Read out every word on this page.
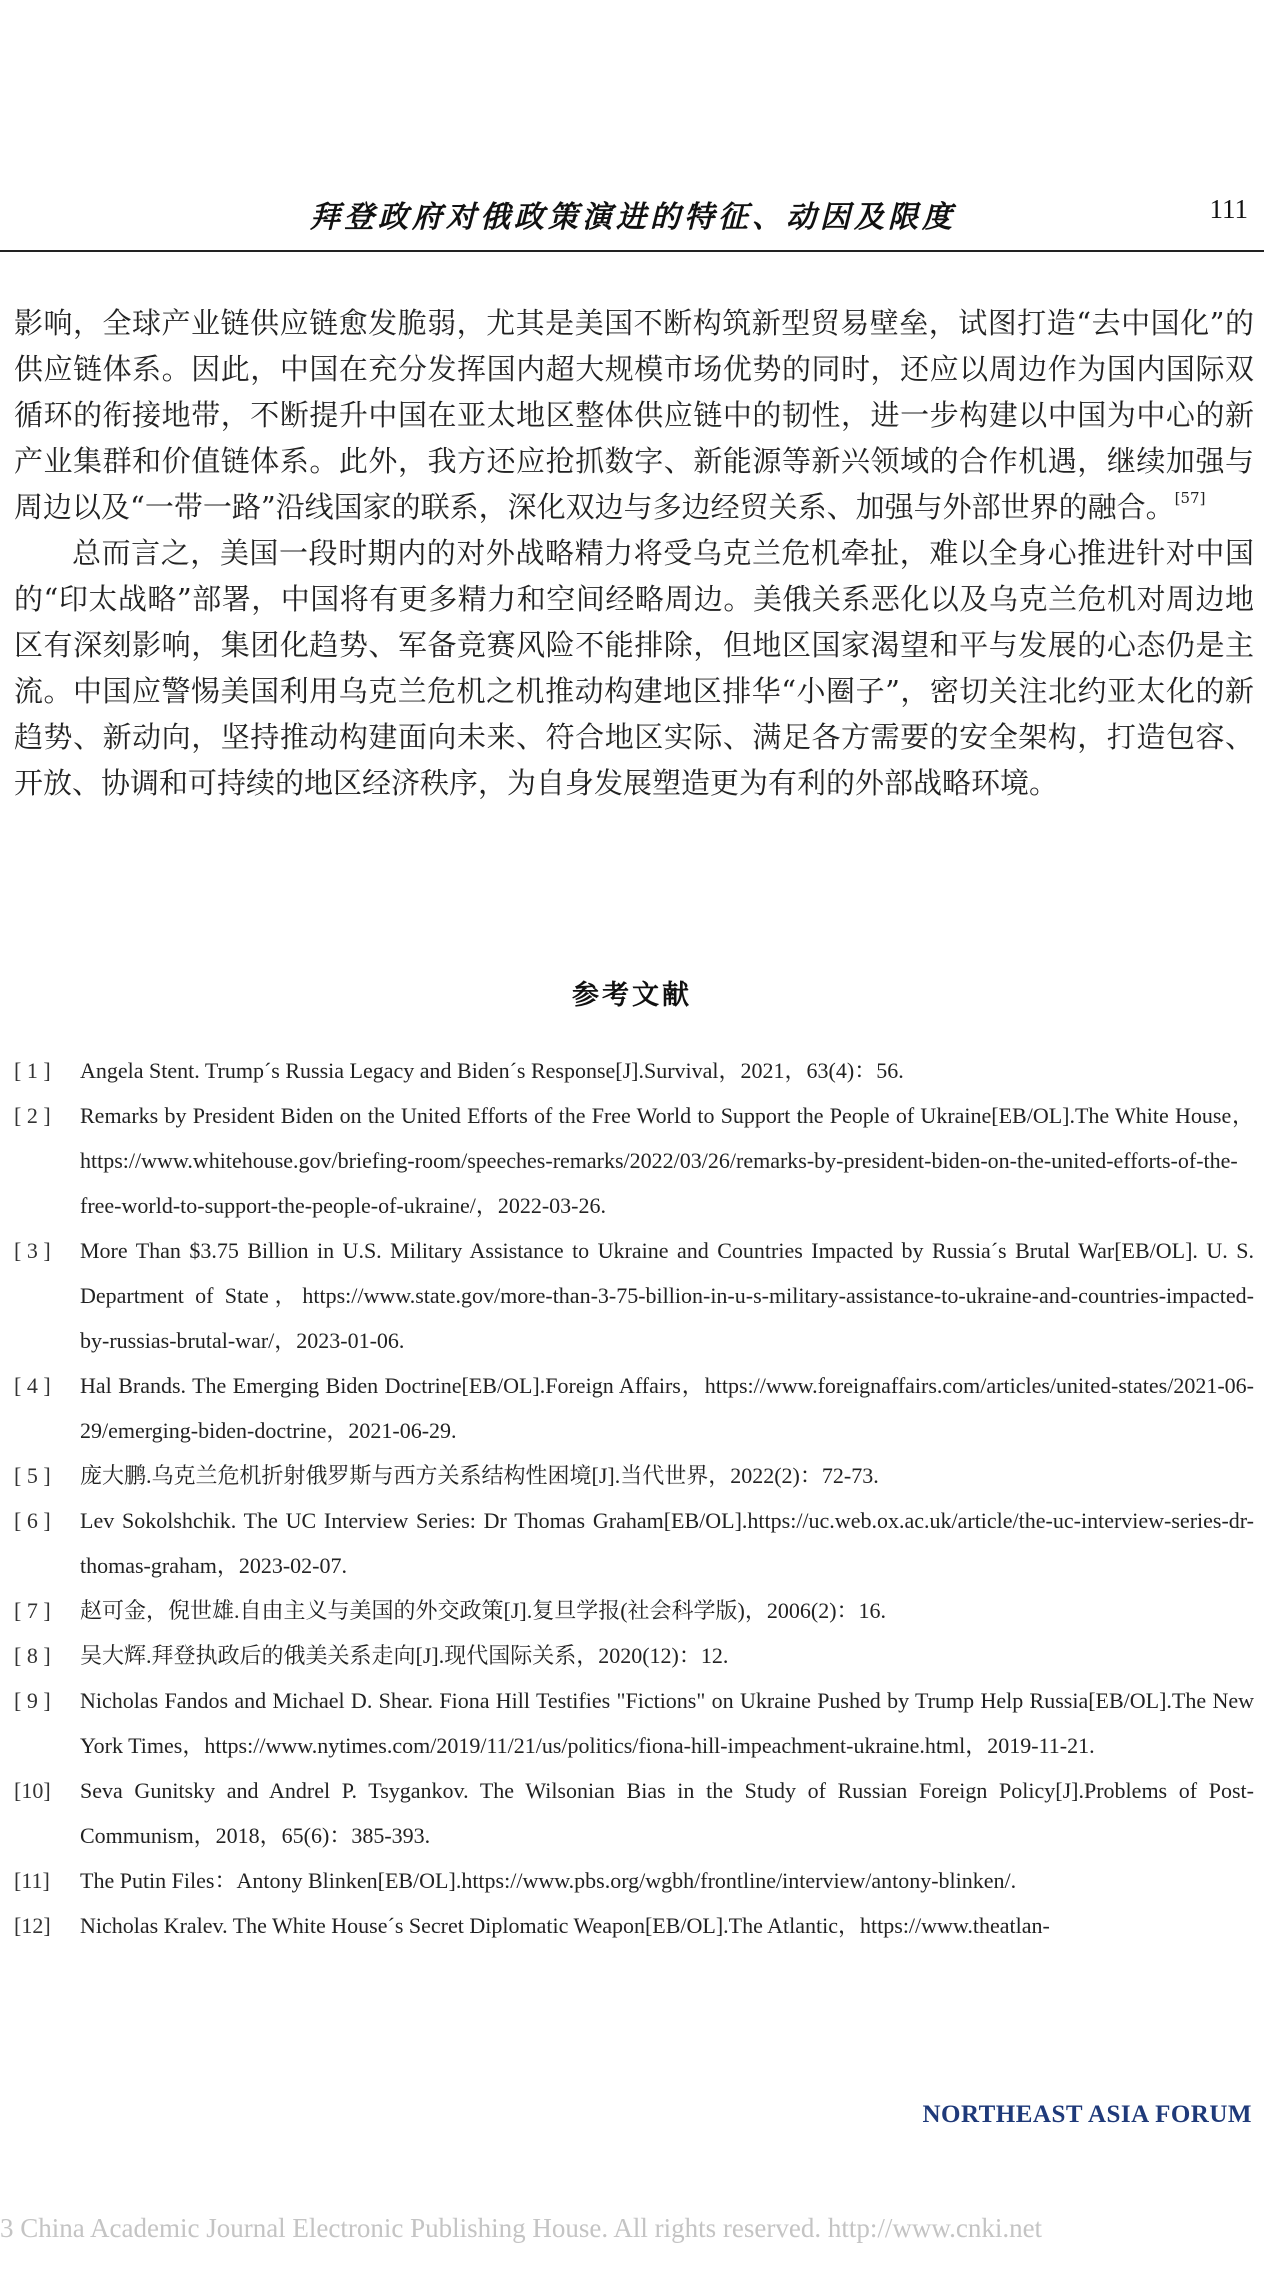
拜登政府对俄政策演进的特征、动因及限度	111

影响，全球产业链供应链愈发脆弱，尤其是美国不断构筑新型贸易壁垒，试图打造“去中国化”的供应链体系。因此，中国在充分发挥国内超大规模市场优势的同时，还应以周边作为国内国际双循环的衔接地带，不断提升中国在亚太地区整体供应链中的韧性，进一步构建以中国为中心的新产业集群和价值链体系。此外，我方还应抢抓数字、新能源等新兴领域的合作机遇，继续加强与周边以及“一带一路”沿线国家的联系，深化双边与多边经贸关系、加强与外部世界的融合。[57]

总而言之，美国一段时期内的对外战略精力将受乌克兰危机牵扯，难以全身心推进针对中国的“印太战略”部署，中国将有更多精力和空间经略周边。美俄关系恶化以及乌克兰危机对周边地区有深刻影响，集团化趋势、军备竞赛风险不能排除，但地区国家渴望和平与发展的心态仍是主流。中国应警惕美国利用乌克兰危机之机推动构建地区排华“小圈子”，密切关注北约亚太化的新趋势、新动向，坚持推动构建面向未来、符合地区实际、满足各方需要的安全架构，打造包容、开放、协调和可持续的地区经济秩序，为自身发展塑造更为有利的外部战略环境。

参考文献
[ 1 ]	Angela Stent. Trump´s Russia Legacy and Biden´s Response[J].Survival，2021，63(4)：56.
[ 2 ]	Remarks by President Biden on the United Efforts of the Free World to Support the People of Ukraine[EB/OL].The White House，https://www.whitehouse.gov/briefing-room/speeches-remarks/2022/03/26/remarks-by-president-biden-on-the-united-efforts-of-the-free-world-to-support-the-people-of-ukraine/，2022-03-26.
[ 3 ]	More Than $3.75 Billion in U.S. Military Assistance to Ukraine and Countries Impacted by Russia´s Brutal War[EB/OL]. U. S. Department of State，https://www.state.gov/more-than-3-75-billion-in-u-s-military-assistance-to-ukraine-and-countries-impacted-by-russias-brutal-war/，2023-01-06.
[ 4 ]	Hal Brands. The Emerging Biden Doctrine[EB/OL].Foreign Affairs，https://www.foreignaffairs.com/articles/united-states/2021-06-29/emerging-biden-doctrine，2021-06-29.
[ 5 ]	庞大鹏.乌克兰危机折射俄罗斯与西方关系结构性困境[J].当代世界，2022(2)：72-73.
[ 6 ]	Lev Sokolshchik. The UC Interview Series: Dr Thomas Graham[EB/OL].https://uc.web.ox.ac.uk/article/the-uc-interview-series-dr-thomas-graham，2023-02-07.
[ 7 ]	赵可金，倪世雄.自由主义与美国的外交政策[J].复旦学报(社会科学版)，2006(2)：16.
[ 8 ]	吴大辉.拜登执政后的俄美关系走向[J].现代国际关系，2020(12)：12.
[ 9 ]	Nicholas Fandos and Michael D. Shear. Fiona Hill Testifies "Fictions" on Ukraine Pushed by Trump Help Russia[EB/OL].The New York Times，https://www.nytimes.com/2019/11/21/us/politics/fiona-hill-impeachment-ukraine.html，2019-11-21.
[10]	Seva Gunitsky and Andrel P. Tsygankov. The Wilsonian Bias in the Study of Russian Foreign Policy[J].Problems of Post-Communism，2018，65(6)：385-393.
[11]	The Putin Files：Antony Blinken[EB/OL].https://www.pbs.org/wgbh/frontline/interview/antony-blinken/.
[12]	Nicholas Kralev. The White House´s Secret Diplomatic Weapon[EB/OL].The Atlantic，https://www.theatlan-
NORTHEAST ASIA FORUM
3 China Academic Journal Electronic Publishing House. All rights reserved. http://www.cnki.net
